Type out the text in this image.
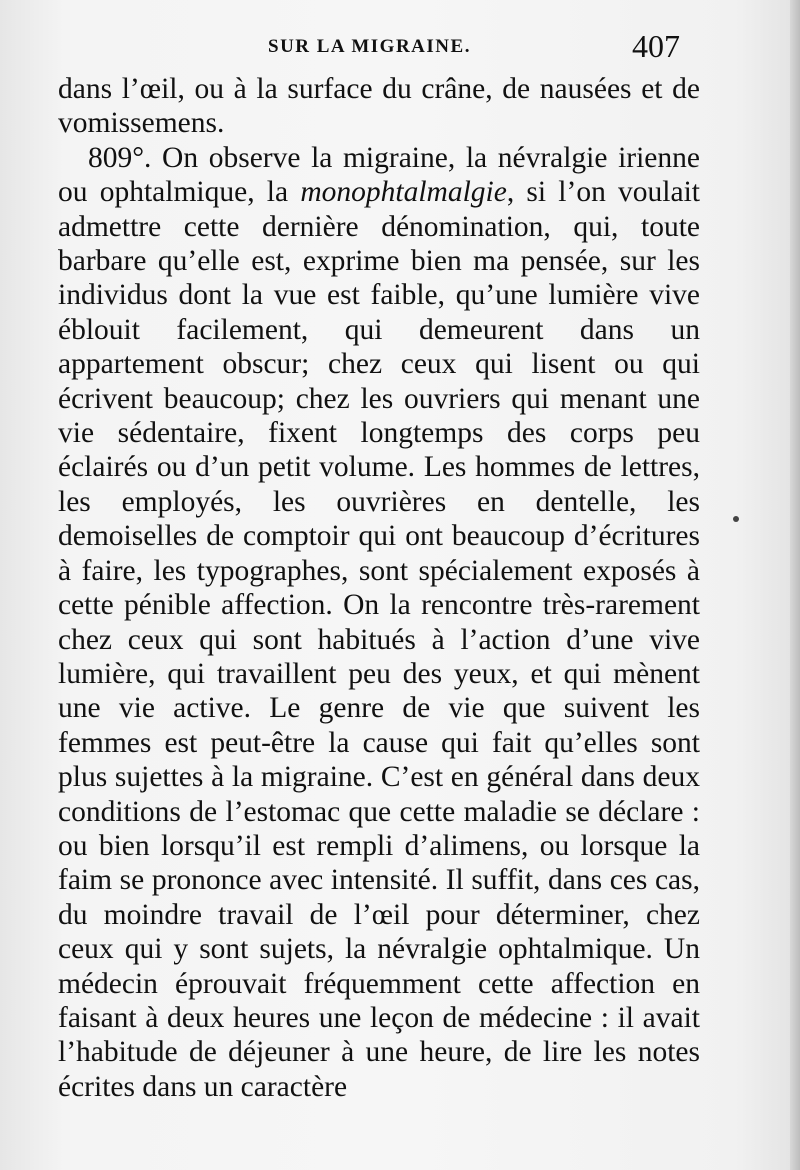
SUR LA MIGRAINE.	407

dans l’œil, ou à la surface du crâne, de nausées et de vomissemens.

809°. On observe la migraine, la névralgie irienne ou ophtalmique, la monophtalmalgie, si l’on voulait admettre cette dernière dénomination, qui, toute barbare qu’elle est, exprime bien ma pensée, sur les individus dont la vue est faible, qu’une lumière vive éblouit facilement, qui demeurent dans un appartement obscur; chez ceux qui lisent ou qui écrivent beaucoup; chez les ouvriers qui menant une vie sédentaire, fixent longtemps des corps peu éclairés ou d’un petit volume. Les hommes de lettres, les employés, les ouvrières en dentelle, les demoiselles de comptoir qui ont beaucoup d’écritures à faire, les typographes, sont spécialement exposés à cette pénible affection. On la rencontre très-rarement chez ceux qui sont habitués à l’action d’une vive lumière, qui travaillent peu des yeux, et qui mènent une vie active. Le genre de vie que suivent les femmes est peut-être la cause qui fait qu’elles sont plus sujettes à la migraine. C’est en général dans deux conditions de l’estomac que cette maladie se déclare : ou bien lorsqu’il est rempli d’alimens, ou lorsque la faim se prononce avec intensité. Il suffit, dans ces cas, du moindre travail de l’œil pour déterminer, chez ceux qui y sont sujets, la névralgie ophtalmique. Un médecin éprouvait fréquemment cette affection en faisant à deux heures une leçon de médecine : il avait l’habitude de déjeuner à une heure, de lire les notes écrites dans un caractère
